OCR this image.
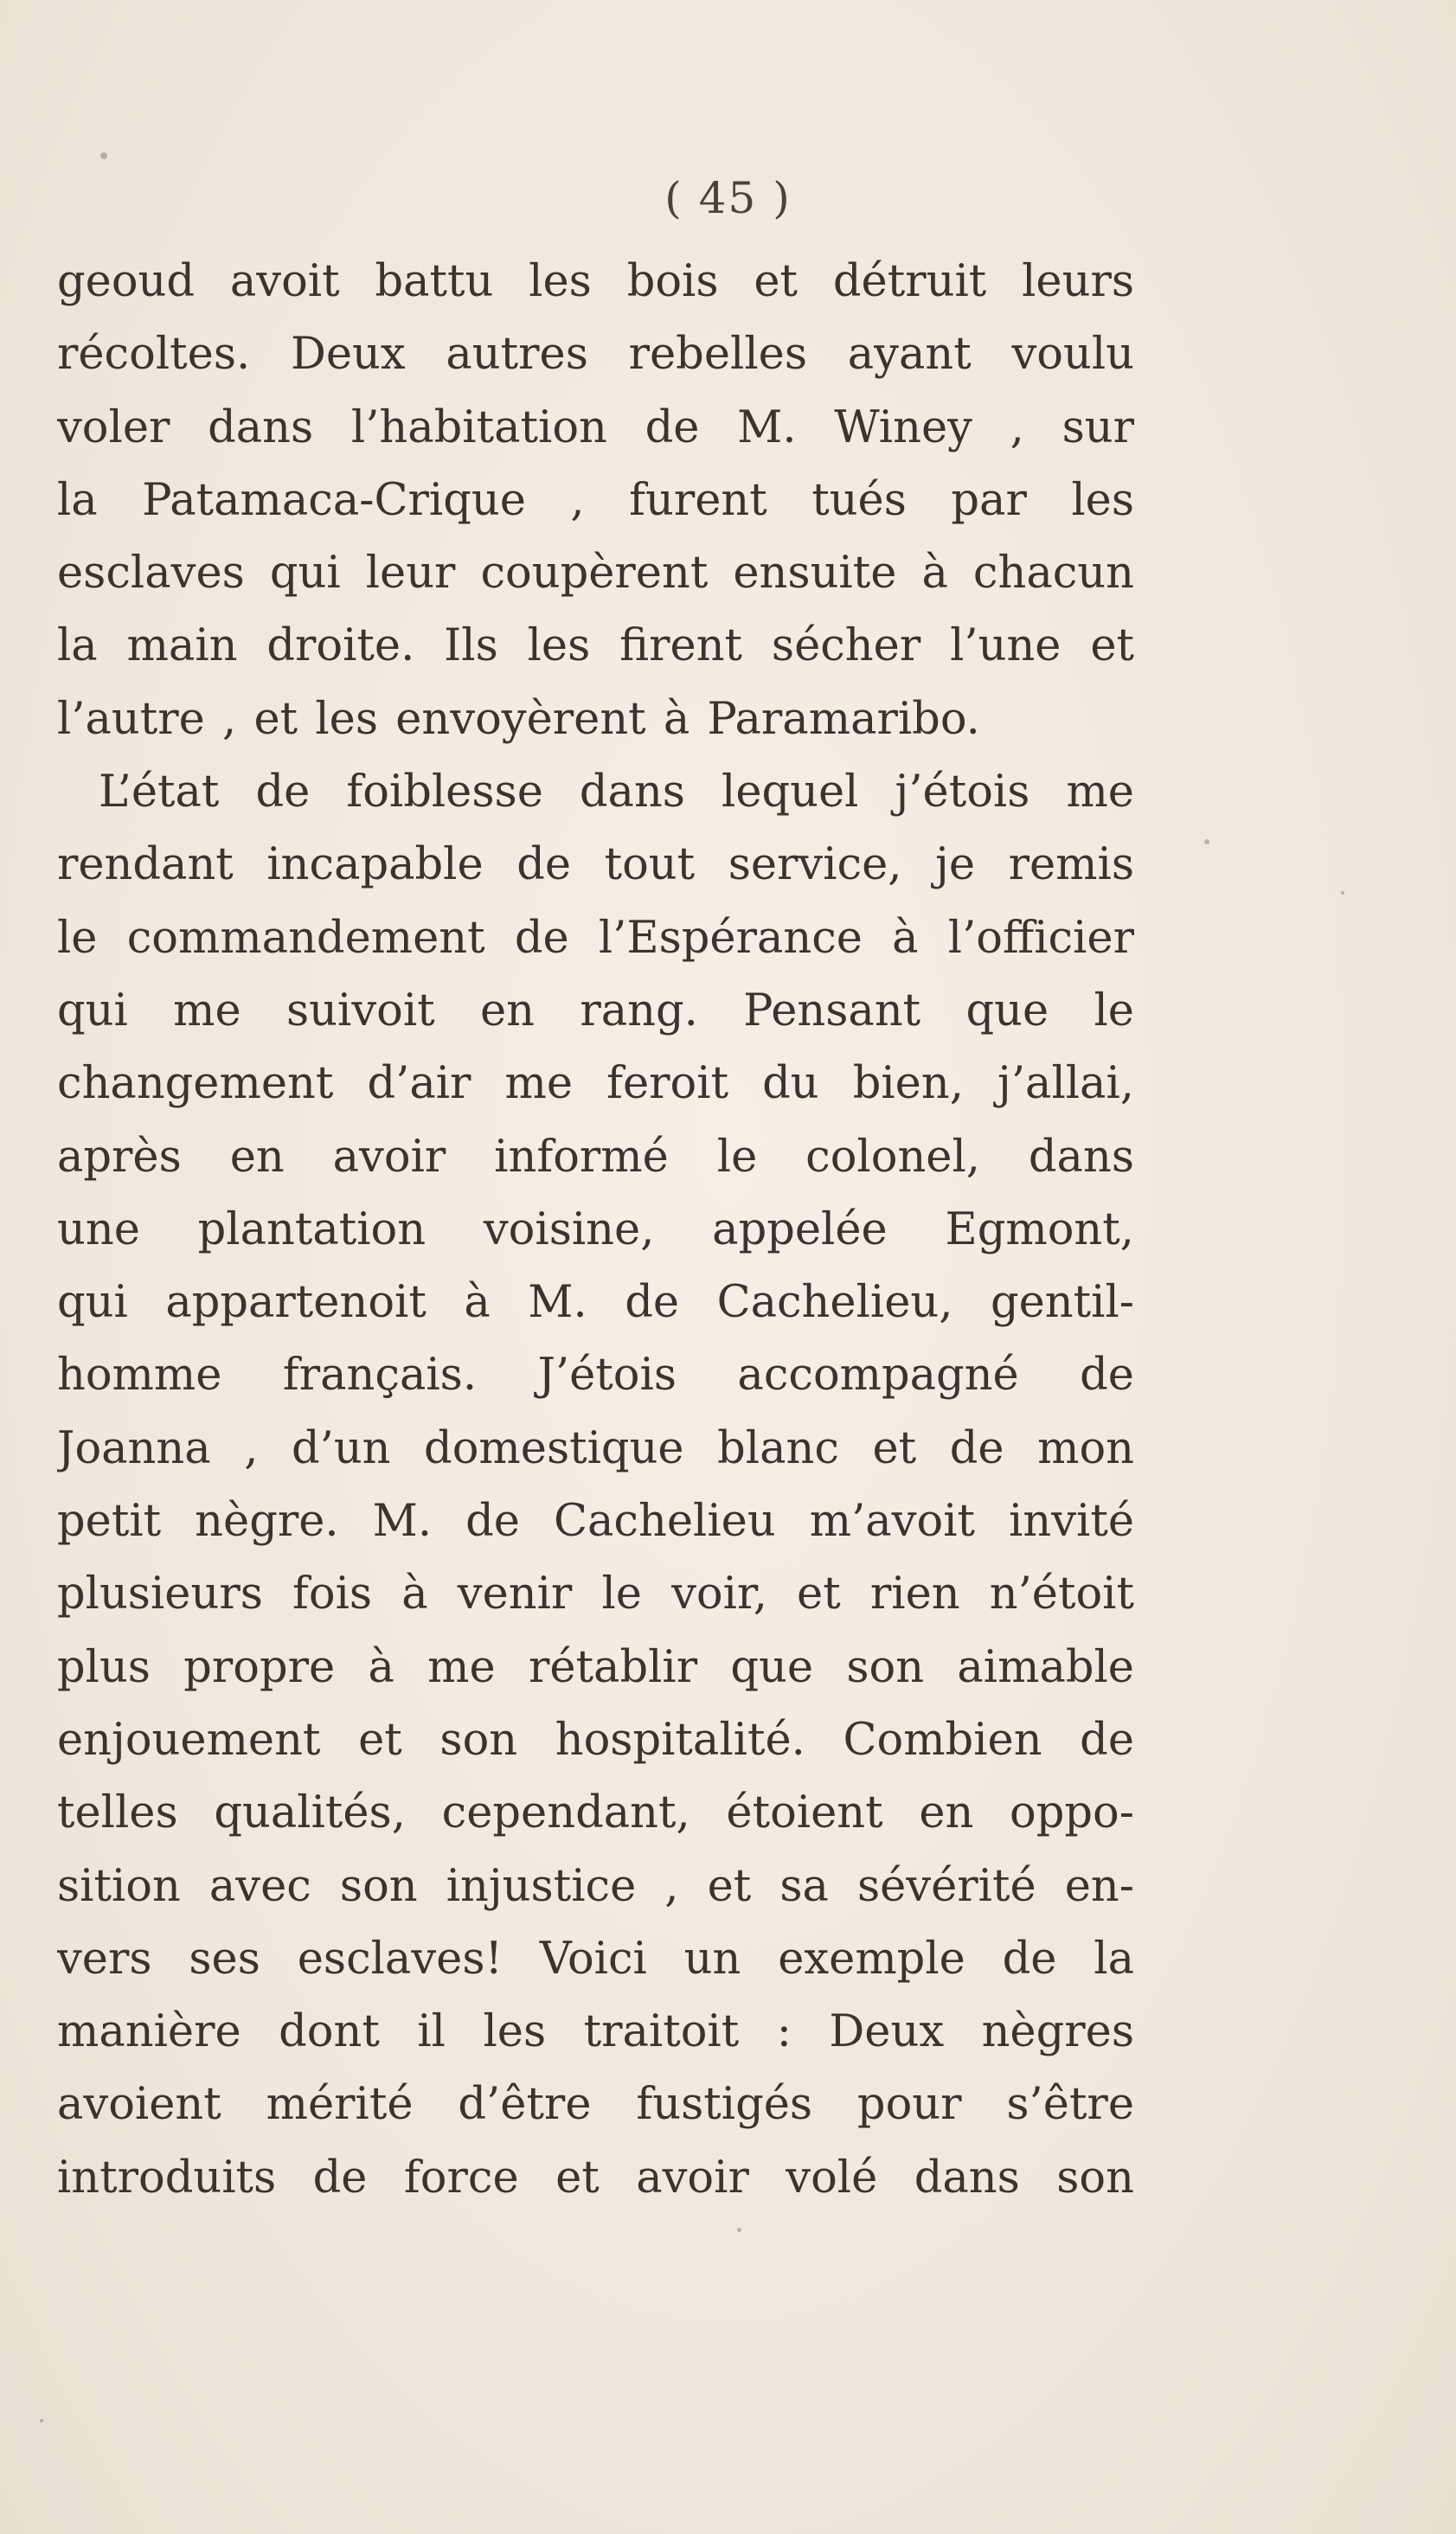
( 45 )
geoud avoit battu les bois et détruit leurs
récoltes. Deux autres rebelles ayant voulu
voler dans l’habitation de M. Winey , sur
la Patamaca-Crique , furent tués par les
esclaves qui leur coupèrent ensuite à chacun
la main droite. Ils les firent sécher l’une et
l’autre , et les envoyèrent à Paramaribo.
L’état de foiblesse dans lequel j’étois me
rendant incapable de tout service, je remis
le commandement de l’Espérance à l’officier
qui me suivoit en rang. Pensant que le
changement d’air me feroit du bien, j’allai,
après en avoir informé le colonel, dans
une plantation voisine, appelée Egmont,
qui appartenoit à M. de Cachelieu, gentil-
homme français. J’étois accompagné de
Joanna , d’un domestique blanc et de mon
petit nègre. M. de Cachelieu m’avoit invité
plusieurs fois à venir le voir, et rien n’étoit
plus propre à me rétablir que son aimable
enjouement et son hospitalité. Combien de
telles qualités, cependant, étoient en oppo-
sition avec son injustice , et sa sévérité en-
vers ses esclaves! Voici un exemple de la
manière dont il les traitoit : Deux nègres
avoient mérité d’être fustigés pour s’être
introduits de force et avoir volé dans son
